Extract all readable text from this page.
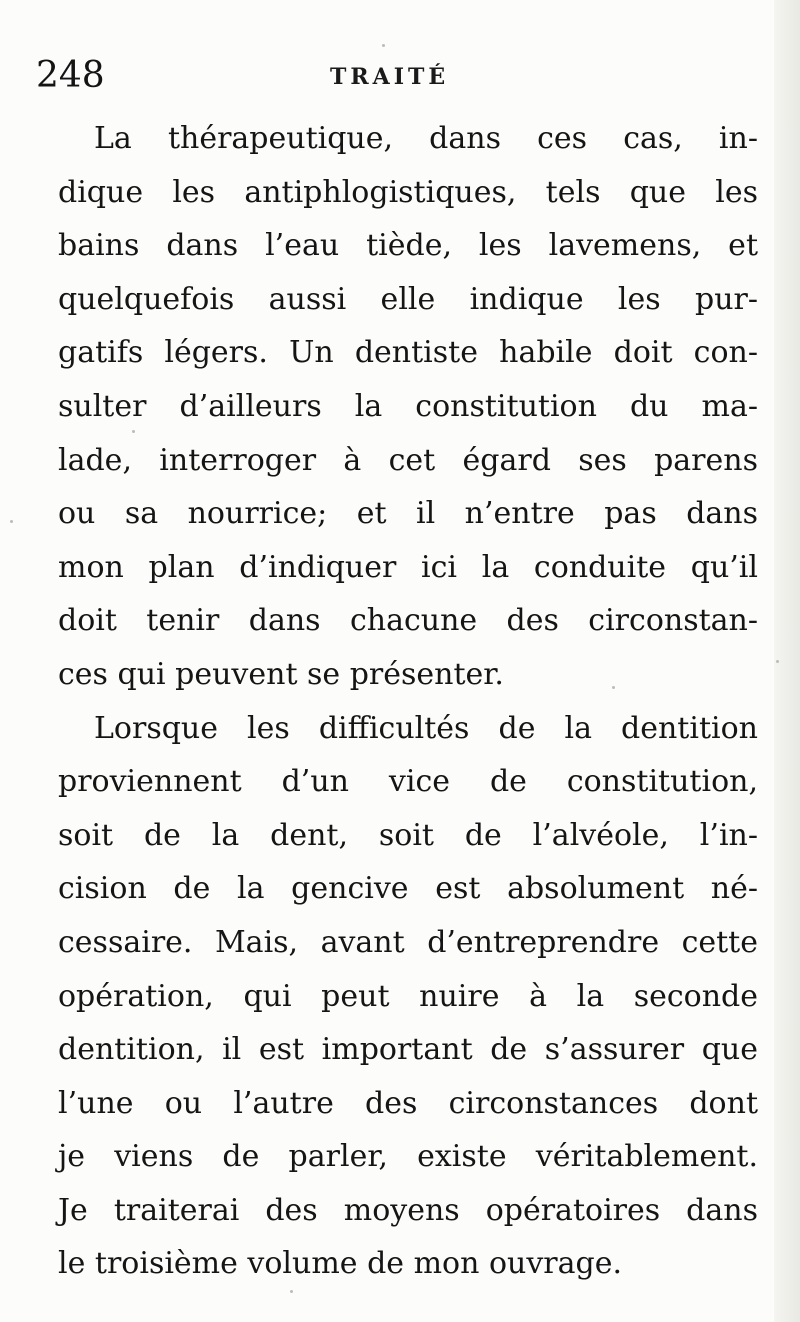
248	TRAITÉ
La thérapeutique, dans ces cas, in-
dique les antiphlogistiques, tels que les
bains dans l’eau tiède, les lavemens, et
quelquefois aussi elle indique les pur-
gatifs légers. Un dentiste habile doit con-
sulter d’ailleurs la constitution du ma-
lade, interroger à cet égard ses parens
ou sa nourrice; et il n’entre pas dans
mon plan d’indiquer ici la conduite qu’il
doit tenir dans chacune des circonstan-
ces qui peuvent se présenter.
Lorsque les difficultés de la dentition
proviennent d’un vice de constitution,
soit de la dent, soit de l’alvéole, l’in-
cision de la gencive est absolument né-
cessaire. Mais, avant d’entreprendre cette
opération, qui peut nuire à la seconde
dentition, il est important de s’assurer que
l’une ou l’autre des circonstances dont
je viens de parler, existe véritablement.
Je traiterai des moyens opératoires dans
le troisième volume de mon ouvrage.
